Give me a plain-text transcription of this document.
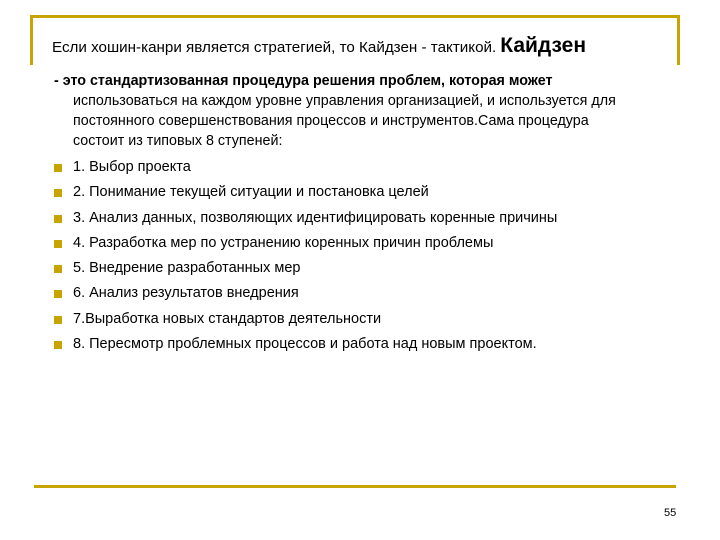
Если хошин-канри является стратегией, то Кайдзен - тактикой. Кайдзен
- это стандартизованная процедура решения проблем, которая может
использоваться на каждом уровне управления организацией, и используется для постоянного совершенствования процессов и инструментов.Сама процедура состоит из типовых 8 ступеней:
1. Выбор проекта
2. Понимание текущей ситуации и постановка целей
3. Анализ данных, позволяющих идентифицировать коренные причины
4. Разработка мер по устранению коренных причин проблемы
5. Внедрение разработанных мер
6. Анализ результатов внедрения
7.Выработка новых стандартов деятельности
8. Пересмотр проблемных процессов и работа над новым проектом.
55
